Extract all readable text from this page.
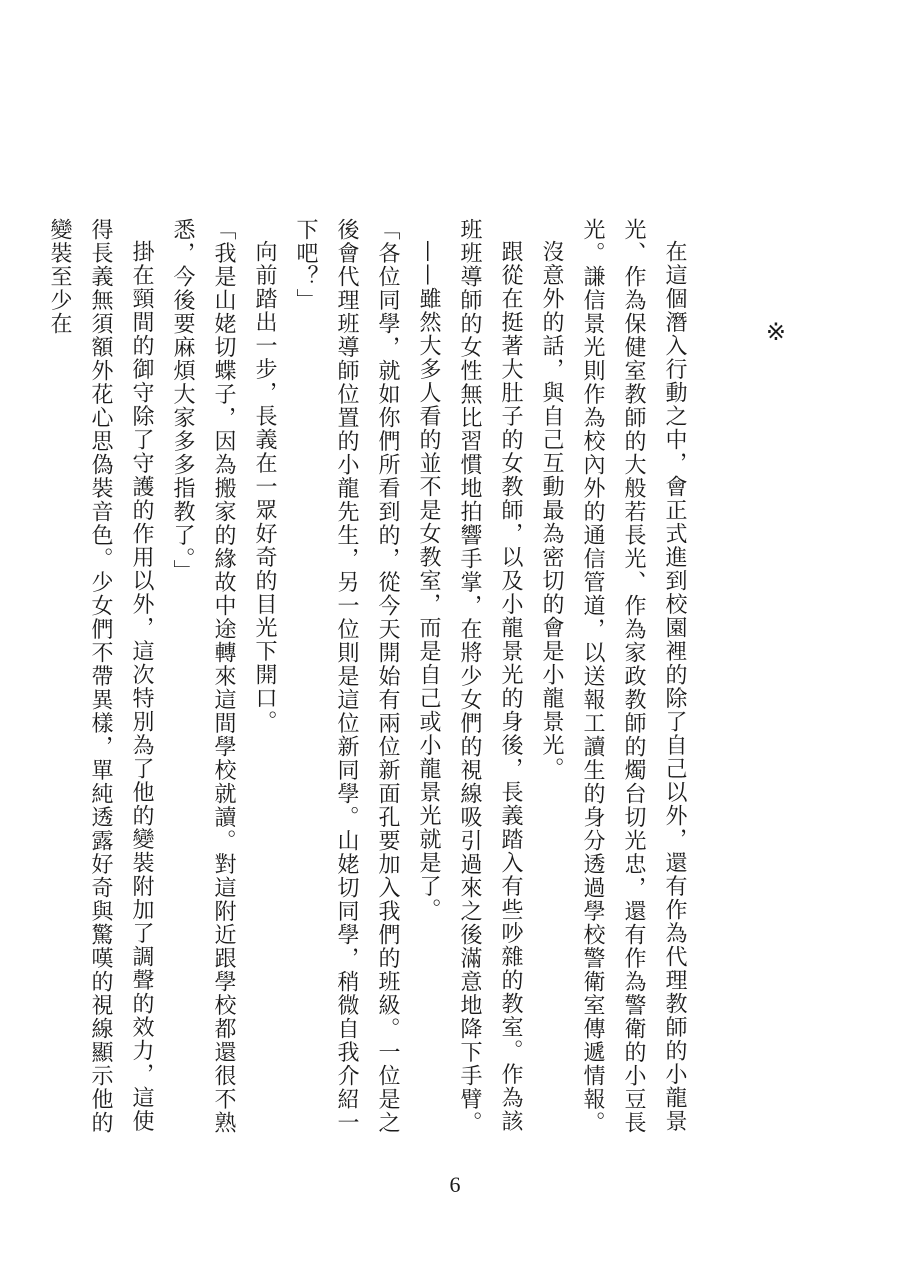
※

在這個潛入行動之中，會正式進到校園裡的除了自己以外，還有作為代理教師的小龍景光、作為保健室教師的大般若長光、作為家政教師的燭台切光忠，還有作為警衛的小豆長光。謙信景光則作為校內外的通信管道，以送報工讀生的身分透過學校警衛室傳遞情報。

沒意外的話，與自己互動最為密切的會是小龍景光。

跟從在挺著大肚子的女教師，以及小龍景光的身後，長義踏入有些吵雜的教室。作為該班班導師的女性無比習慣地拍響手掌，在將少女們的視線吸引過來之後滿意地降下手臂。

——雖然大多人看的並不是女教室，而是自己或小龍景光就是了。

「各位同學，就如你們所看到的，從今天開始有兩位新面孔要加入我們的班級。一位是之後會代理班導師位置的小龍先生，另一位則是這位新同學。山姥切同學，稍微自我介紹一下吧？」

向前踏出一步，長義在一眾好奇的目光下開口。

「我是山姥切蝶子，因為搬家的緣故中途轉來這間學校就讀。對這附近跟學校都還很不熟悉，今後要麻煩大家多多指教了。」

掛在頸間的御守除了守護的作用以外，這次特別為了他的變裝附加了調聲的效力，這使得長義無須額外花心思偽裝音色。少女們不帶異樣，單純透露好奇與驚嘆的視線顯示他的變裝至少在

6
